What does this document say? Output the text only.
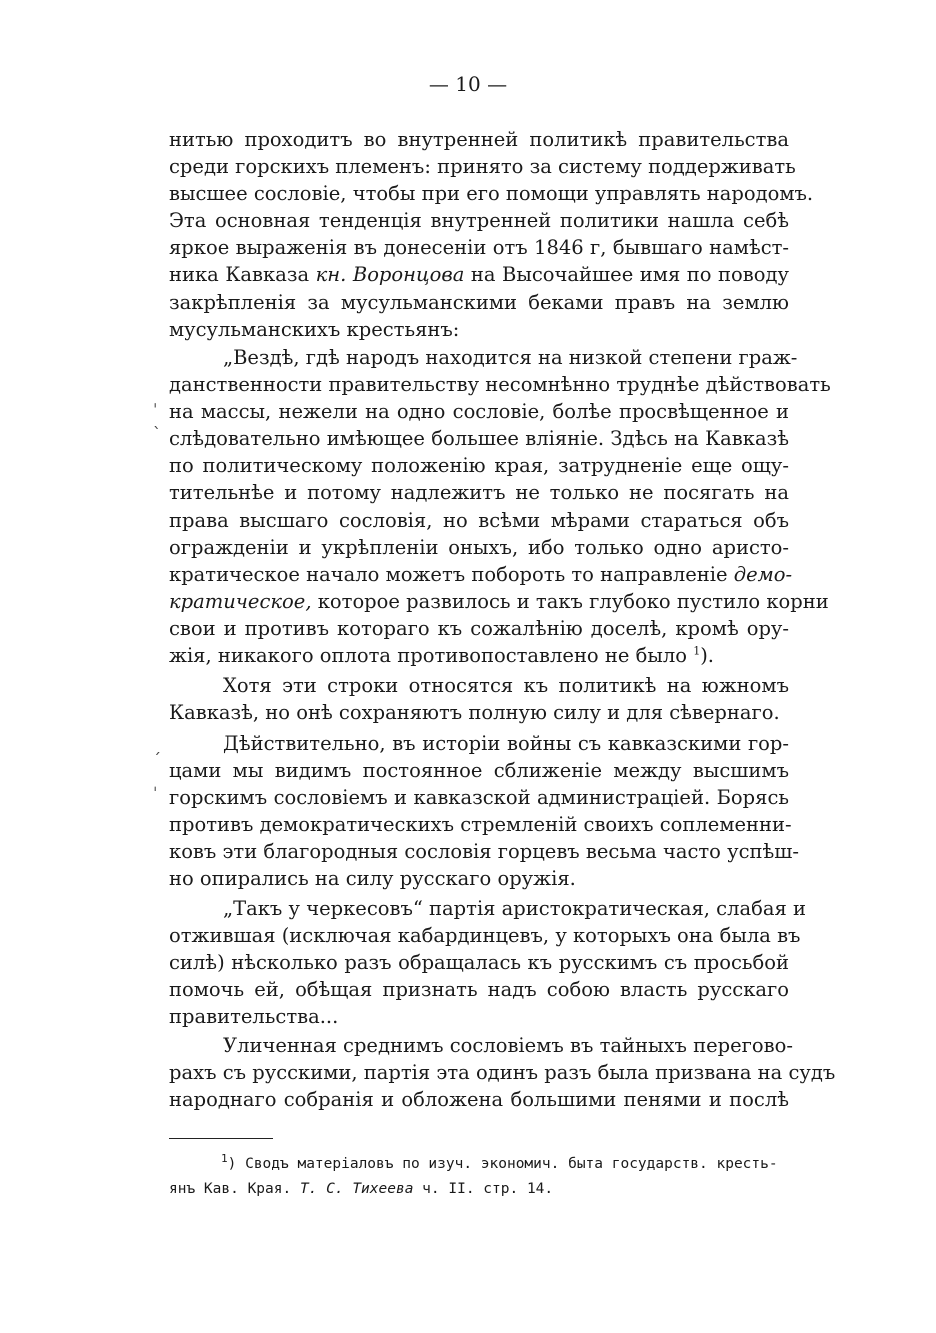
— 10 —
нитью проходитъ во внутренней политикѣ правительства
среди горскихъ племенъ: принято за систему поддерживать
высшее сословіе, чтобы при его помощи управлять народомъ.
Эта основная тенденція внутренней политики нашла себѣ
яркое выраженія въ донесеніи отъ 1846 г, бывшаго намѣст-
ника Кавказа кн. Воронцова на Высочайшее имя по поводу
закрѣпленія за мусульманскими беками правъ на землю
мусульманскихъ крестьянъ:
„Вездѣ, гдѣ народъ находится на низкой степени граж-
данственности правительству несомнѣнно труднѣе дѣйствовать
на массы, нежели на одно сословіе, болѣе просвѣщенное и
слѣдовательно имѣющее большее вліяніе. Здѣсь на Кавказѣ
по политическому положенію края, затрудненіе еще ощу-
тительнѣе и потому надлежитъ не только не посягать на
права высшаго сословія, но всѣми мѣрами стараться объ
огражденіи и укрѣпленіи оныхъ, ибо только одно аристо-
кратическое начало можетъ побороть то направленіе демо-
кратическое, которое развилось и такъ глубоко пустило корни
свои и противъ котораго къ сожалѣнію доселѣ, кромѣ ору-
жія, никакого оплота противопоставлено не было $^1$).
Хотя эти строки относятся къ политикѣ на южномъ
Кавказѣ, но онѣ сохраняютъ полную силу и для сѣвернаго.
Дѣйствительно, въ исторіи войны съ кавказскими гор-
цами мы видимъ постоянное сближеніе между высшимъ
горскимъ сословіемъ и кавказской администраціей. Борясь
противъ демократическихъ стремленій своихъ соплеменни-
ковъ эти благородныя сословія горцевъ весьма часто успѣш-
но опирались на силу русскаго оружія.
„Такъ у черкесовъ“ партія аристократическая, слабая и
отжившая (исключая кабардинцевъ, у которыхъ она была въ
силѣ) нѣсколько разъ обращалась къ русскимъ съ просьбой
помочь ей, обѣщая признать надъ собою власть русскаго
правительства...
Уличенная среднимъ сословіемъ въ тайныхъ перегово-
рахъ съ русскими, партія эта одинъ разъ была призвана на судъ
народнаго собранія и обложена большими пенями и послѣ
ˌ
ˎ
ˏ
ˈ
$^1$) Сводъ матеріаловъ по изуч. экономич. быта государств. кресть-
янъ Кав. Края. Т. С. Тихеева ч. II. стр. 14.
